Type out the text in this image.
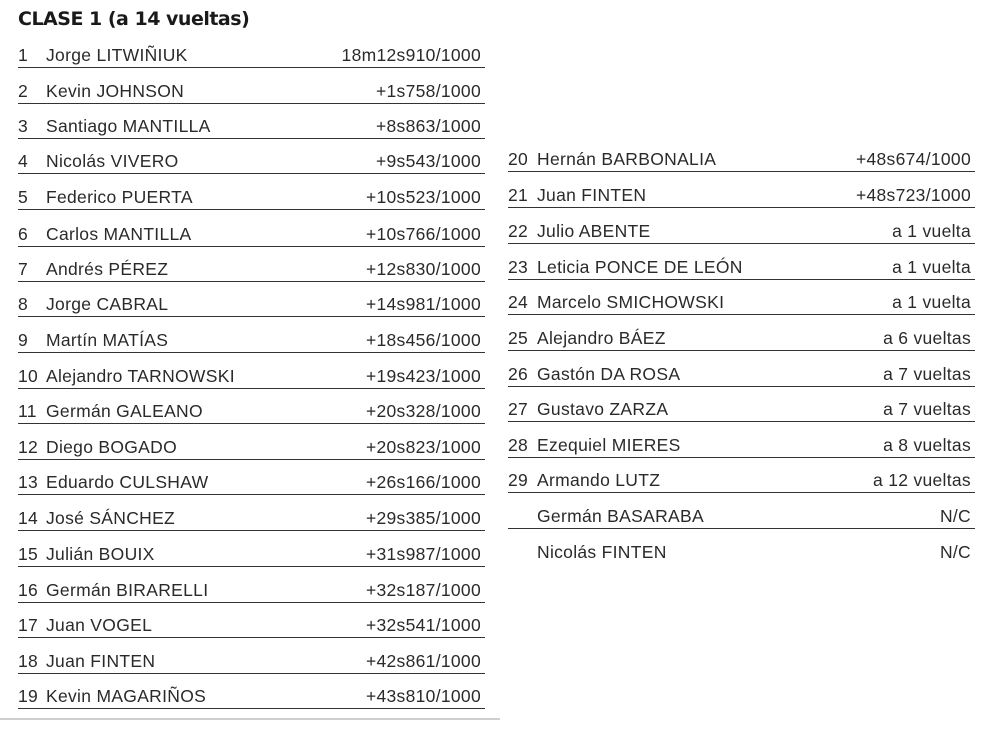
CLASE 1 (a 14 vueltas)
1	Jorge LITWIÑIUK	18m12s910/1000
2	Kevin JOHNSON	+1s758/1000
3	Santiago MANTILLA	+8s863/1000
4	Nicolás VIVERO	+9s543/1000
5	Federico PUERTA	+10s523/1000
6	Carlos MANTILLA	+10s766/1000
7	Andrés PÉREZ	+12s830/1000
8	Jorge CABRAL	+14s981/1000
9	Martín MATÍAS	+18s456/1000
10 Alejandro TARNOWSKI	+19s423/1000
11 Germán GALEANO	+20s328/1000
12 Diego BOGADO	+20s823/1000
13 Eduardo CULSHAW	+26s166/1000
14 José SÁNCHEZ	+29s385/1000
15 Julián BOUIX	+31s987/1000
16 Germán BIRARELLI	+32s187/1000
17 Juan VOGEL	+32s541/1000
18 Juan FINTEN	+42s861/1000
19 Kevin MAGARIÑOS	+43s810/1000
20 Hernán BARBONALIA	+48s674/1000
21 Juan FINTEN	+48s723/1000
22 Julio ABENTE	a 1 vuelta
23 Leticia PONCE DE LEÓN	a 1 vuelta
24 Marcelo SMICHOWSKI	a 1 vuelta
25 Alejandro BÁEZ	a 6 vueltas
26 Gastón DA ROSA	a 7 vueltas
27 Gustavo ZARZA	a 7 vueltas
28 Ezequiel MIERES	a 8 vueltas
29 Armando LUTZ	a 12 vueltas
Germán BASARABA	N/C
Nicolás FINTEN	N/C
